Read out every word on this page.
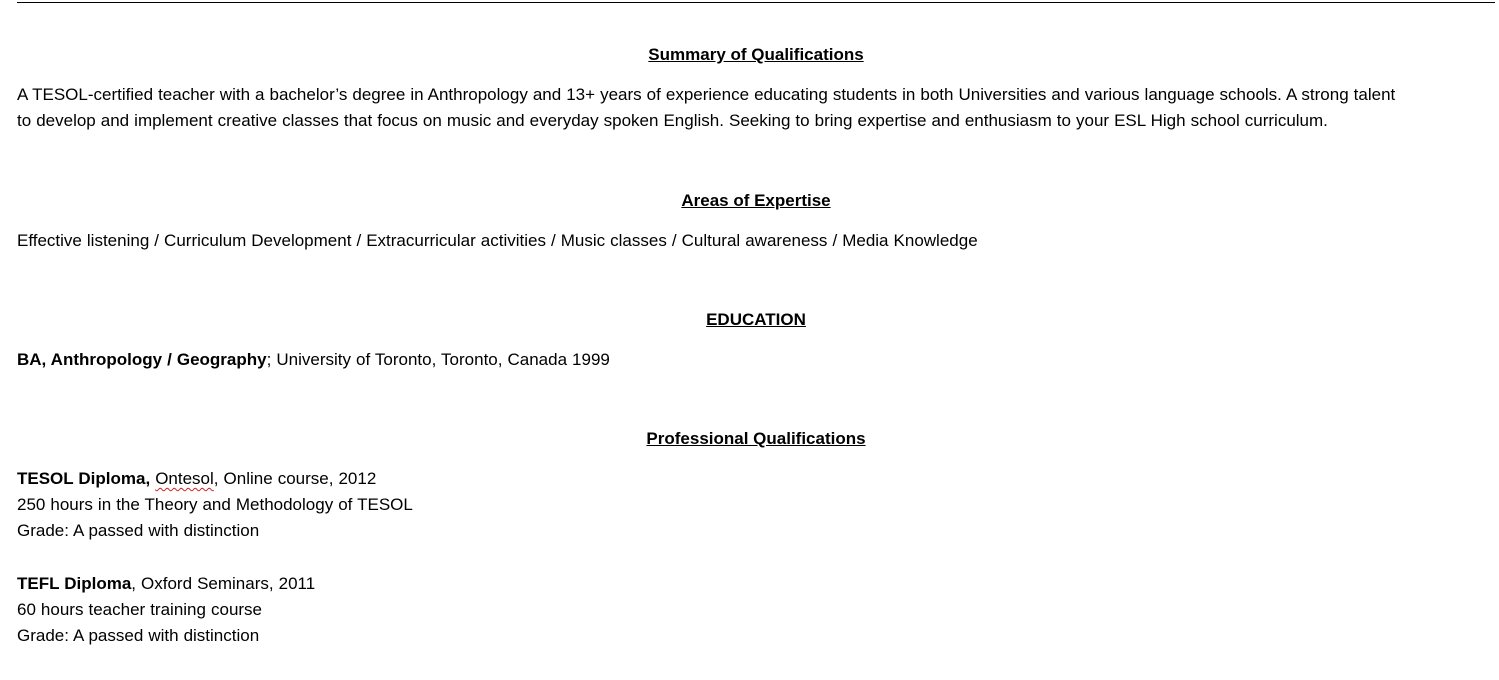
Summary of Qualifications
A TESOL-certified teacher with a bachelor’s degree in Anthropology and 13+ years of experience educating students in both Universities and various language schools. A strong talent
to develop and implement creative classes that focus on music and everyday spoken English. Seeking to bring expertise and enthusiasm to your ESL High school curriculum.
Areas of Expertise
Effective listening / Curriculum Development / Extracurricular activities / Music classes / Cultural awareness / Media Knowledge
EDUCATION
BA, Anthropology / Geography; University of Toronto, Toronto, Canada 1999
Professional Qualifications
TESOL Diploma, Ontesol, Online course, 2012
250 hours in the Theory and Methodology of TESOL
Grade: A passed with distinction
TEFL Diploma, Oxford Seminars, 2011
60 hours teacher training course
Grade: A passed with distinction
